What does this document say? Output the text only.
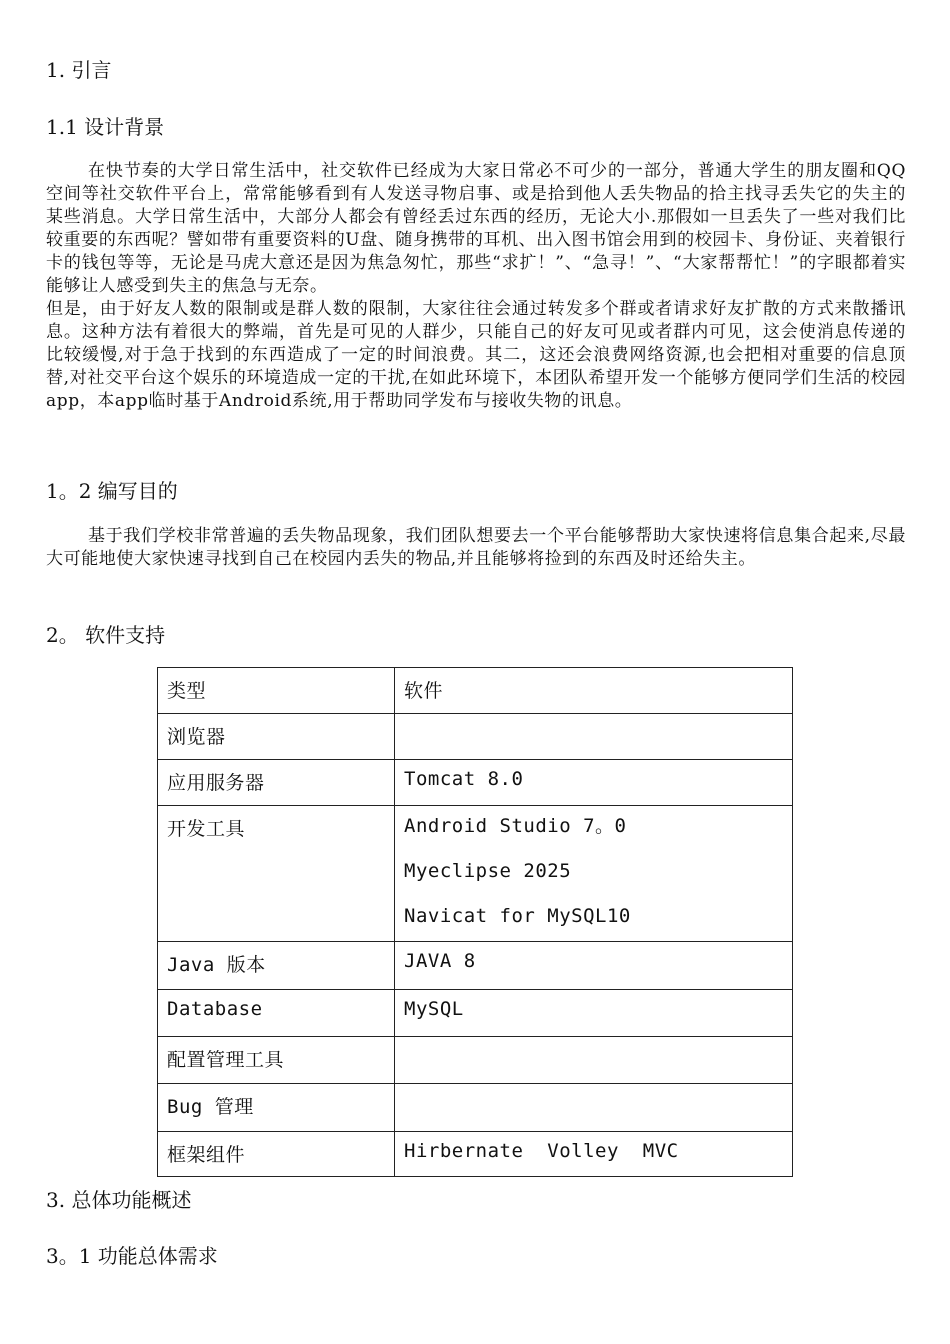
1. 引言
1.1 设计背景

在快节奏的大学日常生活中，社交软件已经成为大家日常必不可少的一部分，普通大学生的朋友圈和QQ空间等社交软件平台上，常常能够看到有人发送寻物启事、或是拾到他人丢失物品的拾主找寻丢失它的失主的某些消息。大学日常生活中，大部分人都会有曾经丢过东西的经历，无论大小.那假如一旦丢失了一些对我们比较重要的东西呢？譬如带有重要资料的U盘、随身携带的耳机、出入图书馆会用到的校园卡、身份证、夹着银行卡的钱包等等，无论是马虎大意还是因为焦急匆忙，那些“求扩！”、“急寻！”、“大家帮帮忙！”的字眼都着实能够让人感受到失主的焦急与无奈。

但是，由于好友人数的限制或是群人数的限制，大家往往会通过转发多个群或者请求好友扩散的方式来散播讯息。这种方法有着很大的弊端，首先是可见的人群少，只能自己的好友可见或者群内可见，这会使消息传递的比较缓慢,对于急于找到的东西造成了一定的时间浪费。其二，这还会浪费网络资源,也会把相对重要的信息顶替,对社交平台这个娱乐的环境造成一定的干扰,在如此环境下，本团队希望开发一个能够方便同学们生活的校园app，本app临时基于Android系统,用于帮助同学发布与接收失物的讯息。

1。2 编写目的

基于我们学校非常普遍的丢失物品现象，我们团队想要去一个平台能够帮助大家快速将信息集合起来,尽最大可能地使大家快速寻找到自己在校园内丢失的物品,并且能够将捡到的东西及时还给失主。

2。 软件支持
类型	软件
浏览器	
应用服务器	Tomcat 8.0
开发工具	Android Studio 7。0
Myeclipse 2025
Navicat for MySQL10

Java 版本	JAVA 8
Database	MySQL
配置管理工具	
Bug 管理	
框架组件	Hirbernate  Volley  MVC
3. 总体功能概述
3。1 功能总体需求
